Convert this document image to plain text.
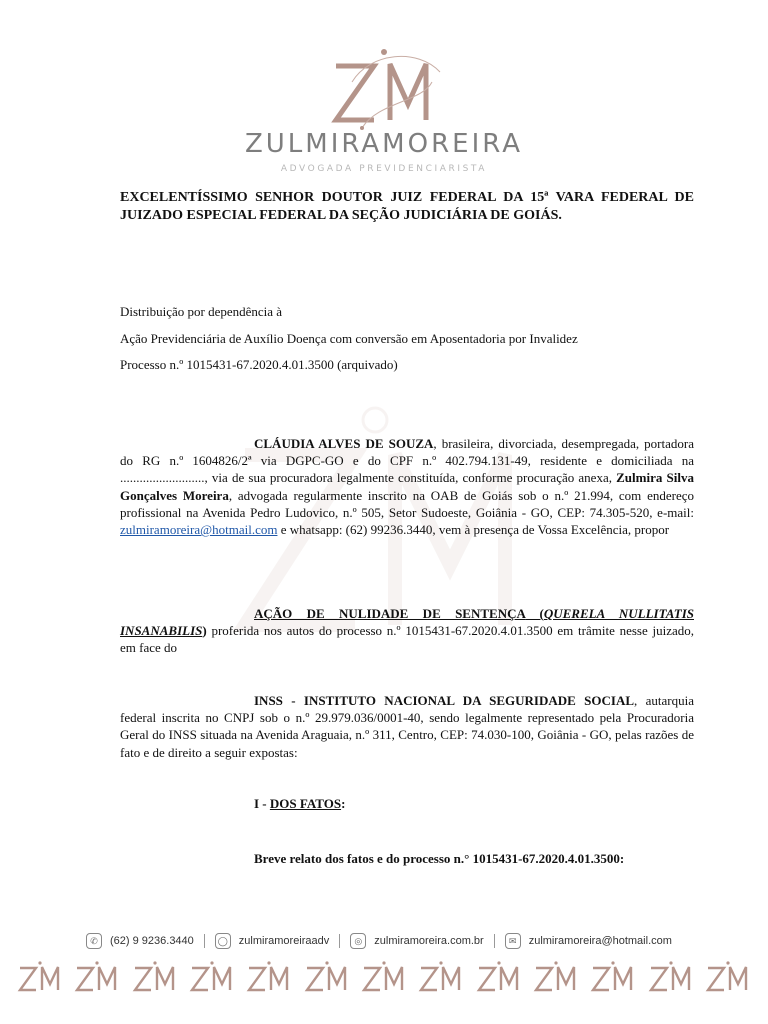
ZULMIRAMOREIRA
ADVOGADA PREVIDENCIARISTA
EXCELENTÍSSIMO SENHOR DOUTOR JUIZ FEDERAL DA 15ª VARA FEDERAL DE JUIZADO ESPECIAL FEDERAL DA SEÇÃO JUDICIÁRIA DE GOIÁS.
Distribuição por dependência à
Ação Previdenciária de Auxílio Doença com conversão em Aposentadoria por Invalidez
Processo n.º 1015431-67.2020.4.01.3500 (arquivado)
CLÁUDIA ALVES DE SOUZA, brasileira, divorciada, desempregada, portadora do RG n.º 1604826/2ª via DGPC-GO e do CPF n.º 402.794.131-49, residente e domiciliada na .........................., via de sua procuradora legalmente constituída, conforme procuração anexa, Zulmira Silva Gonçalves Moreira, advogada regularmente inscrito na OAB de Goiás sob o n.º 21.994, com endereço profissional na Avenida Pedro Ludovico, n.º 505, Setor Sudoeste, Goiânia - GO, CEP: 74.305-520, e-mail: zulmiramoreira@hotmail.com e whatsapp: (62) 99236.3440, vem à presença de Vossa Excelência, propor
AÇÃO DE NULIDADE DE SENTENÇA (QUERELA NULLITATIS INSANABILIS) proferida nos autos do processo n.º 1015431-67.2020.4.01.3500 em trâmite nesse juizado, em face do
INSS - INSTITUTO NACIONAL DA SEGURIDADE SOCIAL, autarquia federal inscrita no CNPJ sob o n.º 29.979.036/0001-40, sendo legalmente representado pela Procuradoria Geral do INSS situada na Avenida Araguaia, n.º 311, Centro, CEP: 74.030-100, Goiânia - GO, pelas razões de fato e de direito a seguir expostas:
I - DOS FATOS:
Breve relato dos fatos e do processo n.° 1015431-67.2020.4.01.3500:
✆	(62) 9 9236.3440	◯ zulmiramoreiraadv	◎	zulmiramoreira.com.br	✉	zulmiramoreira@hotmail.com
